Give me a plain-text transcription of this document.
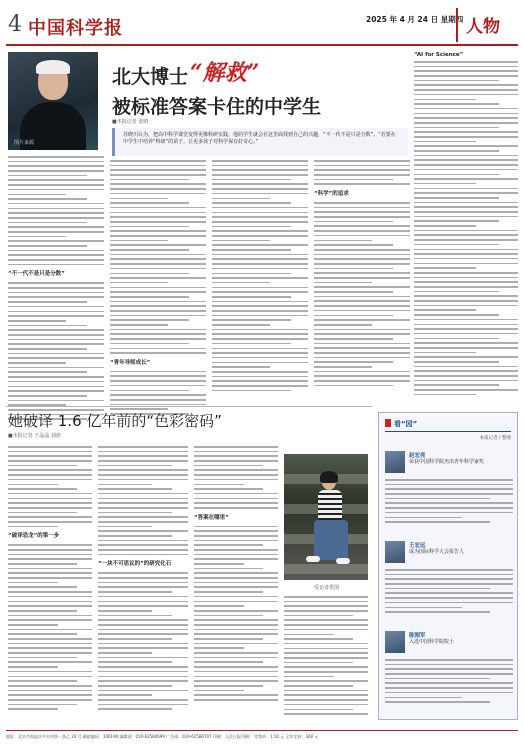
4 中国科学报	2025 年 4 月 24 日 星期四 人物
图片来源
北大博士 “解救”
被标准答案卡住的中学生
■本报记者 张晴

苏晓川认为，把高中科学课堂变得更像科研实践，他的学生就会在这里面找到自己的兴趣，“不一代不是只是分数”。“若要在中学生中培养“科研”的苗子，让更多孩子对科学保有好奇心。”

“AI for Science”
“不一代不是只是分数”
“青年导师成长”
“科学”的追求
她破译 1.6 亿年前的“色彩密码”
■本报记者 王晶晶 刘蔚
“破译恐龙”的第一步
“一块不可思议的”的研究化石
“答案在哪里”
受访者供图
看“园”
本报记者 / 整理
赵宏亮
荣获中国科学院杰出青年科学家奖
王宏远
成为国际科学大会报告人
陈刚军
入选中国科学院院士
地址：北京市海淀区中关村南一条乙 33 号 邮政编码：100190 编辑部：010-62580699 广告部：010-62580707 印刷：人民日报印刷厂 零售价：1.50 元 全年定价：360 元
